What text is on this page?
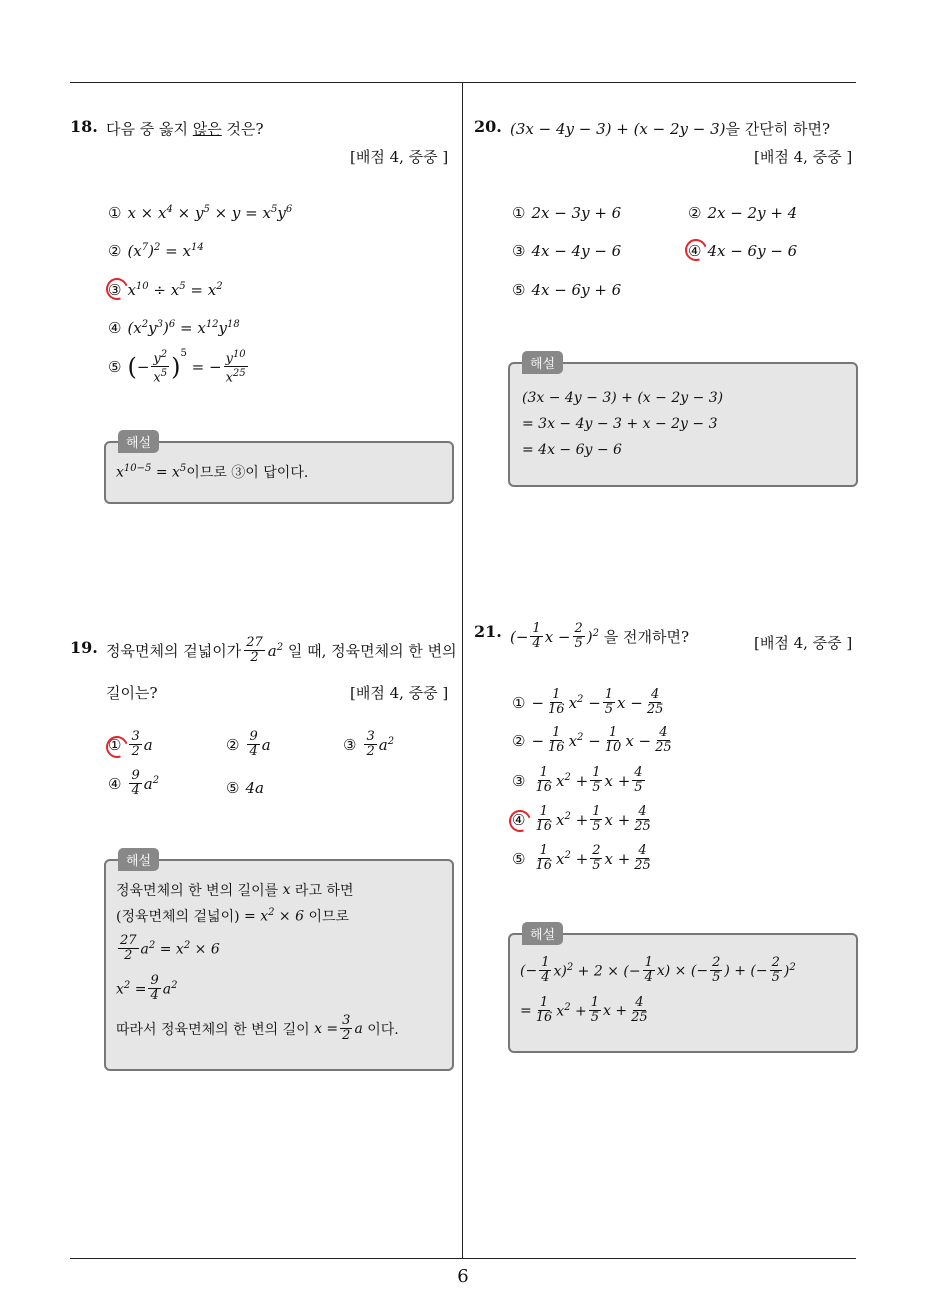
18. 다음 중 옳지 않은 것은?
[배점 4, 중중 ]
① $x \times x^4 \times y^5 \times y = x^5y^6$
② $(x^7)^2 = x^{14}$
③ $x^{10} \div x^5 = x^2$
④ $(x^2y^3)^6 = x^{12}y^{18}$
⑤ ( − $\frac{y^2}{x^5} )^5$
= − $\frac{y^{10}}{x^{25}}$
해설
$x^{10-5} = x^5$ 이므로 ③이 답이다.
19. 정육면체의 겉넓이가 $\frac{27}{2} a^2$ 일 때, 정육면체의 한 변의
길이는?	[배점 4, 중중 ]
① $\frac{3}{2}$ a	② $\frac{9}{4}$ a	③ $\frac{3}{2} a^2$
④ $\frac{9}{4} a^2$	⑤ 4a
해설
정육면체의 한 변의 길이를 x 라고 하면
(정육면체의 겉넓이) = $x^2 \times 6$ 이므로
$\frac{27}{2} a^2 = x^2 \times 6$
$x^2 = \frac{9}{4} a^2$
따라서 정육면체의 한 변의 길이 $x = \frac{3}{2}$ a 이다.
20. (3x − 4y − 3) + (x − 2y − 3)을 간단히 하면?
[배점 4, 중중 ]
① 2x − 3y + 6	② 2x − 2y + 4
③ 4x − 4y − 6	④ 4x − 6y − 6
⑤ 4x − 6y + 6
해설
(3x − 4y − 3) + (x − 2y − 3)
= 3x − 4y − 3 + x − 2y − 3
= 4x − 6y − 6
21. (− $\frac{1}{4}$ $x - \frac{2}{5} )^2$ 을 전개하면?	[배점 4, 중중 ]
① − $\frac{1}{16} x^2 - \frac{1}{5}$ $x - \frac{4}{25}$
② − $\frac{1}{16} x^2 - \frac{1}{10}$ $x - \frac{4}{25}$
③ $\frac{1}{16} x^2 + \frac{1}{5}$ $x + \frac{4}{5}$
④ $\frac{1}{16} x^2 + \frac{1}{5}$ $x + \frac{4}{25}$
⑤ $\frac{1}{16} x^2 + \frac{2}{5}$ $x + \frac{4}{25}$
해설
(− $\frac{1}{4} x)^2 + 2$ × (− $\frac{1}{4} x$) × (− $\frac{2}{5}$ ) + (− $\frac{2}{5} )^2$
= $\frac{1}{16} x^2 + \frac{1}{5}$ $x + \frac{4}{25}$
6
